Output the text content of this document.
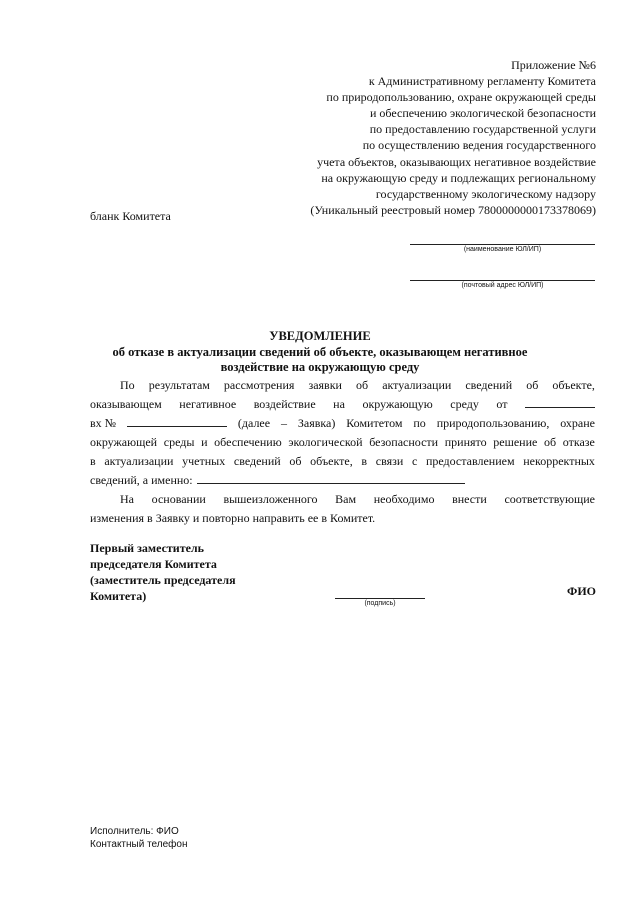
Приложение №6
к Административному регламенту Комитета
по природопользованию, охране окружающей среды
и обеспечению экологической безопасности
по предоставлению государственной услуги
по осуществлению ведения государственного
учета объектов, оказывающих негативное воздействие
на окружающую среду и подлежащих региональному
государственному экологическому надзору
(Уникальный реестровый номер 7800000000173378069)
бланк Комитета
(наименование ЮЛ/ИП)
(почтовый адрес ЮЛ/ИП)
УВЕДОМЛЕНИЕ
об отказе в актуализации сведений об объекте, оказывающем негативное
воздействие на окружающую среду
По результатам рассмотрения заявки об актуализации сведений об объекте,
оказывающем негативное воздействие на окружающую среду от
вх №	(далее – Заявка) Комитетом по природопользованию, охране
окружающей среды и обеспечению экологической безопасности принято решение об отказе
в актуализации учетных сведений об объекте, в связи с предоставлением некорректных
сведений, а именно:
На основании вышеизложенного Вам необходимо внести соответствующие
изменения в Заявку и повторно направить ее в Комитет.
Первый заместитель
председателя Комитета
(заместитель председателя
Комитета)
(подпись)
ФИО
Исполнитель: ФИО
Контактный телефон
